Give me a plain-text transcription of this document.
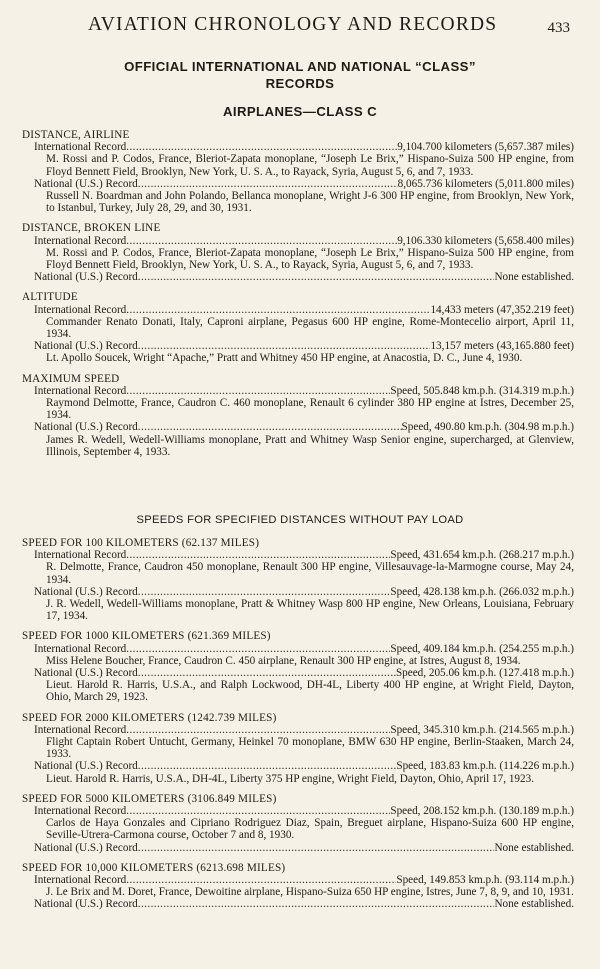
AVIATION CHRONOLOGY AND RECORDS	433
OFFICIAL INTERNATIONAL AND NATIONAL “CLASS”
RECORDS
AIRPLANES—CLASS C
DISTANCE, AIRLINE
International Record .....	9,104.700 kilometers (5,657.387 miles)
M. Rossi and P. Codos, France, Bleriot-Zapata monoplane, “Joseph Le Brix,” Hispano-Suiza 500 HP engine, from Floyd Bennett Field, Brooklyn, New York, U. S. A., to Rayack, Syria, August 5, 6, and 7, 1933.
National (U.S.) Record .....	8,065.736 kilometers (5,011.800 miles)
Russell N. Boardman and John Polando, Bellanca monoplane, Wright J-6 300 HP engine, from Brooklyn, New York, to Istanbul, Turkey, July 28, 29, and 30, 1931.
DISTANCE, BROKEN LINE
International Record .....	9,106.330 kilometers (5,658.400 miles)
M. Rossi and P. Codos, France, Bleriot-Zapata monoplane, “Joseph Le Brix,” Hispano-Suiza 500 HP engine, from Floyd Bennett Field, Brooklyn, New York, U. S. A., to Rayack, Syria, August 5, 6, and 7, 1933.
National (U.S.) Record .....	None established.
ALTITUDE
International Record .....	14,433 meters (47,352.219 feet)
Commander Renato Donati, Italy, Caproni airplane, Pegasus 600 HP engine, Rome-Montecelio airport, April 11, 1934.
National (U.S.) Record .....	13,157 meters (43,165.880 feet)
Lt. Apollo Soucek, Wright “Apache,” Pratt and Whitney 450 HP engine, at Anacostia, D. C., June 4, 1930.
MAXIMUM SPEED
International Record .....	Speed, 505.848 km.p.h. (314.319 m.p.h.)
Raymond Delmotte, France, Caudron C. 460 monoplane, Renault 6 cylinder 380 HP engine at Istres, December 25, 1934.
National (U.S.) Record .....	Speed, 490.80 km.p.h. (304.98 m.p.h.)
James R. Wedell, Wedell-Williams monoplane, Pratt and Whitney Wasp Senior engine, supercharged, at Glenview, Illinois, September 4, 1933.
SPEEDS FOR SPECIFIED DISTANCES WITHOUT PAY LOAD
SPEED FOR 100 KILOMETERS (62.137 MILES)
International Record .....	Speed, 431.654 km.p.h. (268.217 m.p.h.)
R. Delmotte, France, Caudron 450 monoplane, Renault 300 HP engine, Villesauvage-la-Marmogne course, May 24, 1934.
National (U.S.) Record .....	Speed, 428.138 km.p.h. (266.032 m.p.h.)
J. R. Wedell, Wedell-Williams monoplane, Pratt & Whitney Wasp 800 HP engine, New Orleans, Louisiana, February 17, 1934.
SPEED FOR 1000 KILOMETERS (621.369 MILES)
International Record .....	Speed, 409.184 km.p.h. (254.255 m.p.h.)
Miss Helene Boucher, France, Caudron C. 450 airplane, Renault 300 HP engine, at Istres, August 8, 1934.
National (U.S.) Record .....	Speed, 205.06 km.p.h. (127.418 m.p.h.)
Lieut. Harold R. Harris, U.S.A., and Ralph Lockwood, DH-4L, Liberty 400 HP engine, at Wright Field, Dayton, Ohio, March 29, 1923.
SPEED FOR 2000 KILOMETERS (1242.739 MILES)
International Record .....	Speed, 345.310 km.p.h. (214.565 m.p.h.)
Flight Captain Robert Untucht, Germany, Heinkel 70 monoplane, BMW 630 HP engine, Berlin-Staaken, March 24, 1933.
National (U.S.) Record .....	Speed, 183.83 km.p.h. (114.226 m.p.h.)
Lieut. Harold R. Harris, U.S.A., DH-4L, Liberty 375 HP engine, Wright Field, Dayton, Ohio, April 17, 1923.
SPEED FOR 5000 KILOMETERS (3106.849 MILES)
International Record .....	Speed, 208.152 km.p.h. (130.189 m.p.h.)
Carlos de Haya Gonzales and Cipriano Rodriguez Diaz, Spain, Breguet airplane, Hispano-Suiza 600 HP engine, Seville-Utrera-Carmona course, October 7 and 8, 1930.
National (U.S.) Record .....	None established.
SPEED FOR 10,000 KILOMETERS (6213.698 MILES)
International Record .....	Speed, 149.853 km.p.h. (93.114 m.p.h.)
J. Le Brix and M. Doret, France, Dewoitine airplane, Hispano-Suiza 650 HP engine, Istres, June 7, 8, 9, and 10, 1931.
National (U.S.) Record .....	None established.
